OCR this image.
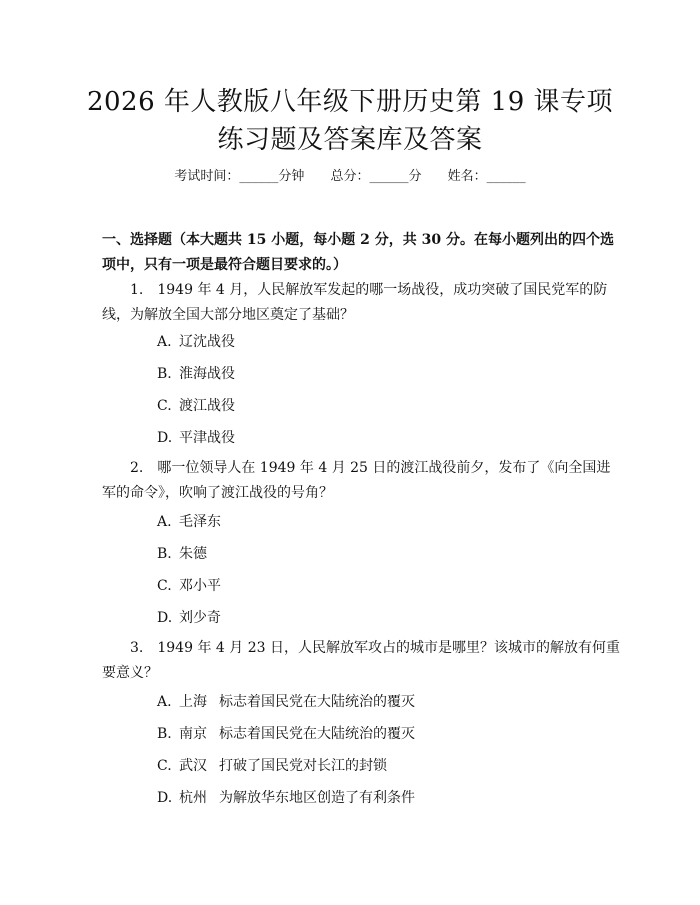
2026 年人教版八年级下册历史第 19 课专项
练习题及答案库及答案
考试时间：______分钟 总分：______分 姓名：______
一、选择题（本大题共 15 小题，每小题 2 分，共 30 分。在每小题列出的四个选项中，只有一项是最符合题目要求的。）
1. 1949 年 4 月，人民解放军发起的哪一场战役，成功突破了国民党军的防线，为解放全国大部分地区奠定了基础？
A. 辽沈战役
B. 淮海战役
C. 渡江战役
D. 平津战役
2. 哪一位领导人在 1949 年 4 月 25 日的渡江战役前夕，发布了《向全国进军的命令》，吹响了渡江战役的号角？
A. 毛泽东
B. 朱德
C. 邓小平
D. 刘少奇
3. 1949 年 4 月 23 日，人民解放军攻占的城市是哪里？该城市的解放有何重要意义？
A. 上海 标志着国民党在大陆统治的覆灭
B. 南京 标志着国民党在大陆统治的覆灭
C. 武汉 打破了国民党对长江的封锁
D. 杭州 为解放华东地区创造了有利条件
